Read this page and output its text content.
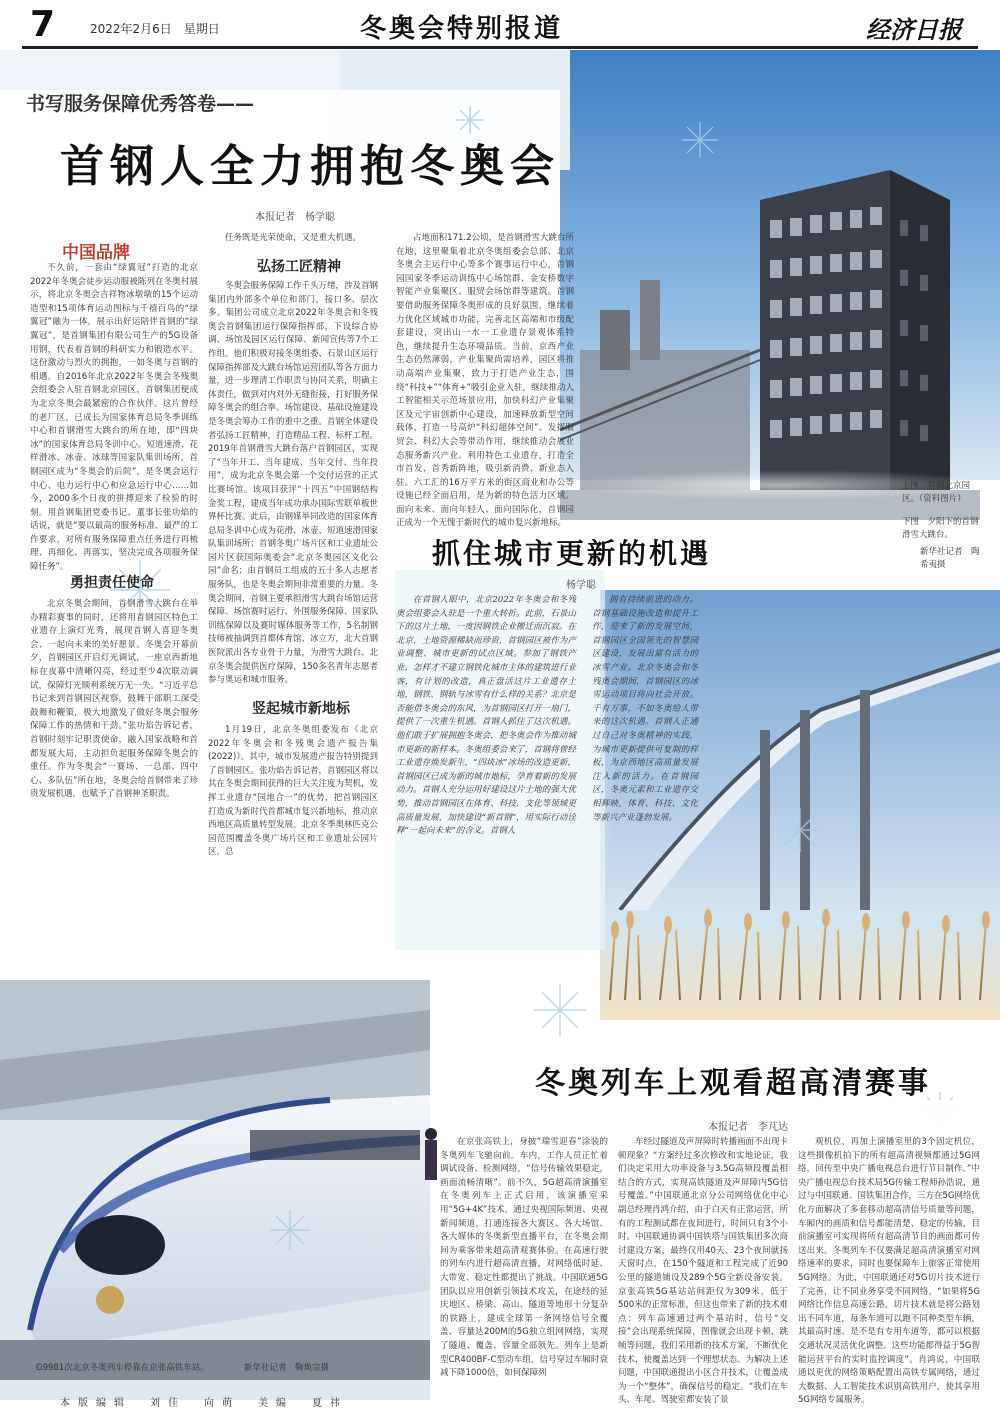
7	2022年2月6日　星期日	冬奥会特别报道	经济日报
书写服务保障优秀答卷——
首钢人全力拥抱冬奥会
本报记者　杨学聪
中国品牌

不久前，一套由“绿翼冠”打造的北京2022年冬奥会徒步运动服被陈列在冬奥村展示，将北京冬奥会吉祥物冰墩墩的15个运动造型和15项体育运动图标与千禧百鸟的“绿翼冠”融为一体，展示出好运陪伴首钢的“绿翼冠”，是首钢集团有限公司生产的5G设备用钢，代表着首钢的科研实力和锻造水平。这份激动与烈火的拥抱，一如冬奥与首钢的相遇。自2016年北京2022年冬奥会冬残奥会组委会入驻首钢北京园区，首钢集团便成为北京冬奥会最紧密的合作伙伴。这片曾经的老厂区，已成长为国家体育总局冬季训练中心和首钢滑雪大跳台的所在地，即“四块冰”的国家体育总局冬训中心。短道速滑、花样滑冰、冰壶、冰球等国家队集训场所，首钢园区成为“冬奥会的后院”，是冬奥会运行中心、电力运行中心和应急运行中心……如今，2000多个日夜的拼搏迎来了检验的时刻。用首钢集团党委书记、董事长张功焰的话说，就是“要以最高的服务标准、最严的工作要求，对所有服务保障重点任务进行再梳理、再细化、再落实，坚决完成各项服务保障任务”。

勇担责任使命

北京冬奥会期间，首钢滑雪大跳台在举办精彩赛事的同时，还将用首钢园区特色工业遗存上演灯光秀，展现首钢人喜迎冬奥会、一起向未来的美好愿景。冬奥会开幕前夕，首钢园区开启灯光调试，一座京西新地标在夜幕中清晰闪亮，经过至少4次联动调试，保障灯光顺利系统万无一失。“习近平总书记来到首钢园区视察，鼓舞干部职工深受鼓舞和鞭策，极大地激发了做好冬奥会服务保障工作的热情和干劲。”张功焰告诉记者，首钢时刻牢记职责使命，融入国家战略和首都发展大局，主动担负起服务保障冬奥会的重任。作为冬奥会“一赛场、一总部、四中心、多队伍”所在地，冬奥会给首钢带来了珍贵发展机遇，也赋予了首钢神圣职责。

任务既是光荣使命，又是重大机遇。

弘扬工匠精神

冬奥会服务保障工作千头万绪，涉及首钢集团内外部多个单位和部门，接口多、层次多。集团公司成立北京2022年冬奥会和冬残奥会首钢集团运行保障指挥部，下设综合协调、场馆及园区运行保障、新闻宣传等7个工作组。他们积极对接冬奥组委、石景山区运行保障指挥部及大跳台场馆运营团队等各方面力量，进一步理清工作职责与协同关系，明确主体责任，做到对内对外无缝衔接，打好服务保障冬奥会的组合拳。场馆建设、基础设施建设是冬奥会筹办工作的重中之重。首钢全体建设者弘扬工匠精神，打造精品工程、标杆工程。2019年首钢滑雪大跳台落户首钢园区，实现了“当年开工、当年建成、当年交付、当年投用”，成为北京冬奥会第一个交付运营的正式比赛场馆。该项目获评“十四五”中国钢结构金奖工程，建成当年成功承办国际雪联单板世界杯比赛。此后，由钢媒举同改造的国家体育总局冬训中心成为花滑、冰壶、短道速滑国家队集训场所；首钢冬奥广场片区和工业遗址公园片区获国际奥委会“北京冬奥园区文化公园”命名；由首钢员工组成的五十多人志愿者服务队，也是冬奥会期间非常重要的力量。冬奥会期间，首钢主要承担滑雪大跳台场馆运营保障、场馆赛时运行、外围服务保障、国家队训练保障以及赛时媒体服务等工作，5名制钢技师被抽调到首都体育馆、冰立方，北大首钢医院派出各专业骨干力量，为滑雪大跳台、北京冬奥会提供医疗保障，150多名青年志愿者参与奥运和城市服务。

竖起城市新地标

1月19日，北京冬奥组委发布《北京2022年冬奥会和冬残奥会遗产报告集(2022)》。其中，城市发展遗产报告特别提到了首钢园区。张功焰告诉记者，首钢园区将以其在冬奥会期间获得的巨大关注度为契机，发挥工业遗存“园地合一”的优势，把首钢园区打造成为新时代首都城市复兴新地标，推动京西地区高质量转型发展。北京冬季奥林匹克公园范围覆盖冬奥广场片区和工业遗址公园片区，总

占地面积171.2公顷，是首钢滑雪大跳台所在地，这里聚集着北京冬奥组委会总部、北京冬奥会主运行中心等多个赛事运行中心，首钢园国家冬季运动训练中心场馆群、金安桥数字智能产业集聚区、服贸会场馆群等建筑。首钢要借助服务保障冬奥形成的良好氛围，继续着力优化区域城市功能，完善北区高端和市级配套建设，突出山一水一工业遗存景观体系特色，继续提升生态环境品质。当前，京西产业生态仍然薄弱，产业集聚尚需培养，园区将推动高端产业集聚，致力于打造产业生态，围绕“科技+”“体育+”吸引企业入驻，继续推动人工智能相关示范场景应用，加快科幻产业集聚区及元宇宙创新中心建设，加速释放新型空间载体，打造一号高炉“科幻超体空间”。发挥服贸会、科幻大会等带动作用，继续推动会展业态服务新兴产业。利用特色工业遗存，打造全市首发、首秀新阵地，吸引新消费、新业态入驻。六工汇的16万平方米的街区商业和办公等设施已经全面启用，是为新的特色活力区域。面向未来、面向年轻人、面向国际化，首钢园正成为一个无愧于新时代的城市复兴新地标。

上图　首钢北京园区。（资料图片）
下图　夕阳下的首钢滑雪大跳台。
新华社记者　陶希夷摄
抓住城市更新的机遇
杨学聪

在首钢人眼中，北京2022年冬奥会和冬残奥会组委会入驻是一个重大转折。此前，石景山下的这片土地，一度因钢铁企业搬迁而沉寂。在北京，土地资源稀缺而珍贵，首钢园区被作为产业调整、城市更新的试点区域。参加了钢铁产业，怎样才不建立钢铁化城市主体的建筑进行业客，有计划的改造，真正盘活这片工业遗存土地，钢铁、钢轨与冰雪有什么样的关系？北京是否能借冬奥会的东风，为首钢园区打开一扇门，提供了一次重生机遇。首钢人抓住了这次机遇。他们敢于扩展拥抱冬奥会，把冬奥会作为推动城市更新的新样本。冬奥组委会来了，首钢将曾经工业遗存焕发新生，“四块冰”冰场的改造更新，首钢园区已成为新的城市地标，孕育着新的发展动力。首钢人充分运用好建设这片土地的强大优势，推动首钢园区在体育、科技、文化等领域更高质量发展，加快建设“新首钢”，用实际行动诠释“一起向未来”的含义。首钢人

拥有持续前进的动力。首钢基础设施改造和提升工作，迎来了新的发展空间，首钢园区全国领先的智慧园区建设，发展出富有活力的冰雪产业。北京冬奥会和冬残奥会期间，首钢园区的冰雪运动项目将向社会开放。千有万事，不如冬奥给人带来的这次机遇。首钢人正通过自己对冬奥精神的实践，为城市更新提供可复制的样板，为京西地区高质量发展注入新的活力。在首钢园区，冬奥元素和工业遗存交相辉映，体育、科技、文化等新兴产业蓬勃发展。

冬奥列车上观看超高清赛事
本报记者　李芃达

在京张高铁上，身披“瑞雪迎春”涂装的冬奥列车飞驰向前。车内，工作人员正忙着调试设备、检测网络，“信号传输效果稳定，画面流畅清晰”。前不久，5G超高清演播室在冬奥列车上正式启用，该演播室采用“5G+4K”技术，通过央视国际频道、央视新闻频道，打通连接各大赛区、各大场馆、各大媒体的冬奥新型直播平台，在冬奥会期间为乘客带来超高清观赛体验。在高速行驶的列车内进行超高清直播，对网络低时延、大带宽、稳定性都提出了挑战。中国联通5G团队以应用创新引领技术攻关，在途经的延庆地区、桥梁、高山、隧道等地形十分复杂的铁路上，建成全球第一条网络信号全覆盖、容量达200M的5G独立组网网络，实现了隧道、覆盖、容量全部领先。列车上是新型CR400BF-C型动车组，信号穿过车厢时衰减下降1000倍，如何保障列

车经过隧道及声屏障时转播画面不出现卡顿现象？“方案经过多次修改和实地论证，我们决定采用大功率设备与3.5G高频段覆盖相结合的方式，实现高铁隧道及声屏障内5G信号覆盖。”中国联通北京分公司网络优化中心副总经理肖鸿介绍，由于白天有正常运营，所有的工程测试都在夜间进行，时间只有3个小时。中国联通协调中国铁塔与国铁集团多次商讨建设方案，最终仅用40天、23个夜间就扬天窗时点，在150个隧道和工程完成了近90公里的隧道铺设及289个5G全新设备安装。京张高铁5G基站站间距仅为309米，低于500米的正常标准，但这也带来了新的技术难点：列车高速通过两个基站时，信号“交接”会出现系统保障，图像就会出现卡顿、跳帧等问题，我们采用新的技术方案，不断优化技术，使覆盖达到一个理想状态。为解决上述问题，中国联通提出小区合并技术，让覆盖成为一个“整体”，确保信号的稳定。“我们在车头、车尾、驾驶室都安装了景

观机位，再加上演播室里的3个固定机位，这些摄像机拍下的所有超高清视频都通过5G网络，回传至中央广播电视总台进行节目制作。”中央广播电视总台技术局5G传输工程师孙浩说，通过与中国联通、国铁集团合作，三方在5G网络优化方面解决了多套移动超高清信号质量等问题，车厢内的画质和信号都能清楚、稳定的传输，目前演播室可实现将所有超高清节目的画面都可传送出来。冬奥列车不仅要满足超高清演播室对网络速率的要求，同时也要保障车上旅客正常使用5G网络。为此，中国联通还对5G切片技术进行了完善，让不同业务享受不同网络，“如果将5G网络比作信息高速公路，切片技术就是将公路划出不同车道，每条车道可以跑不同种类型车辆，其最高时速、是不是有专用车道等，都可以根据交通状况灵活优化调整。这些功能都得益于5G智能运营平台的实时监控调度”。肖鸿说，中国联通以更优的网络策略配置出高铁专属网络，通过大数据、人工智能技术识别高铁用户，使其享用5G网络专属服务。

G9981次北京冬奥列车停靠在京张高铁车站。	新华社记者　鞠焕宗摄
本版编辑　刘佳　向萌　美编　夏祎
